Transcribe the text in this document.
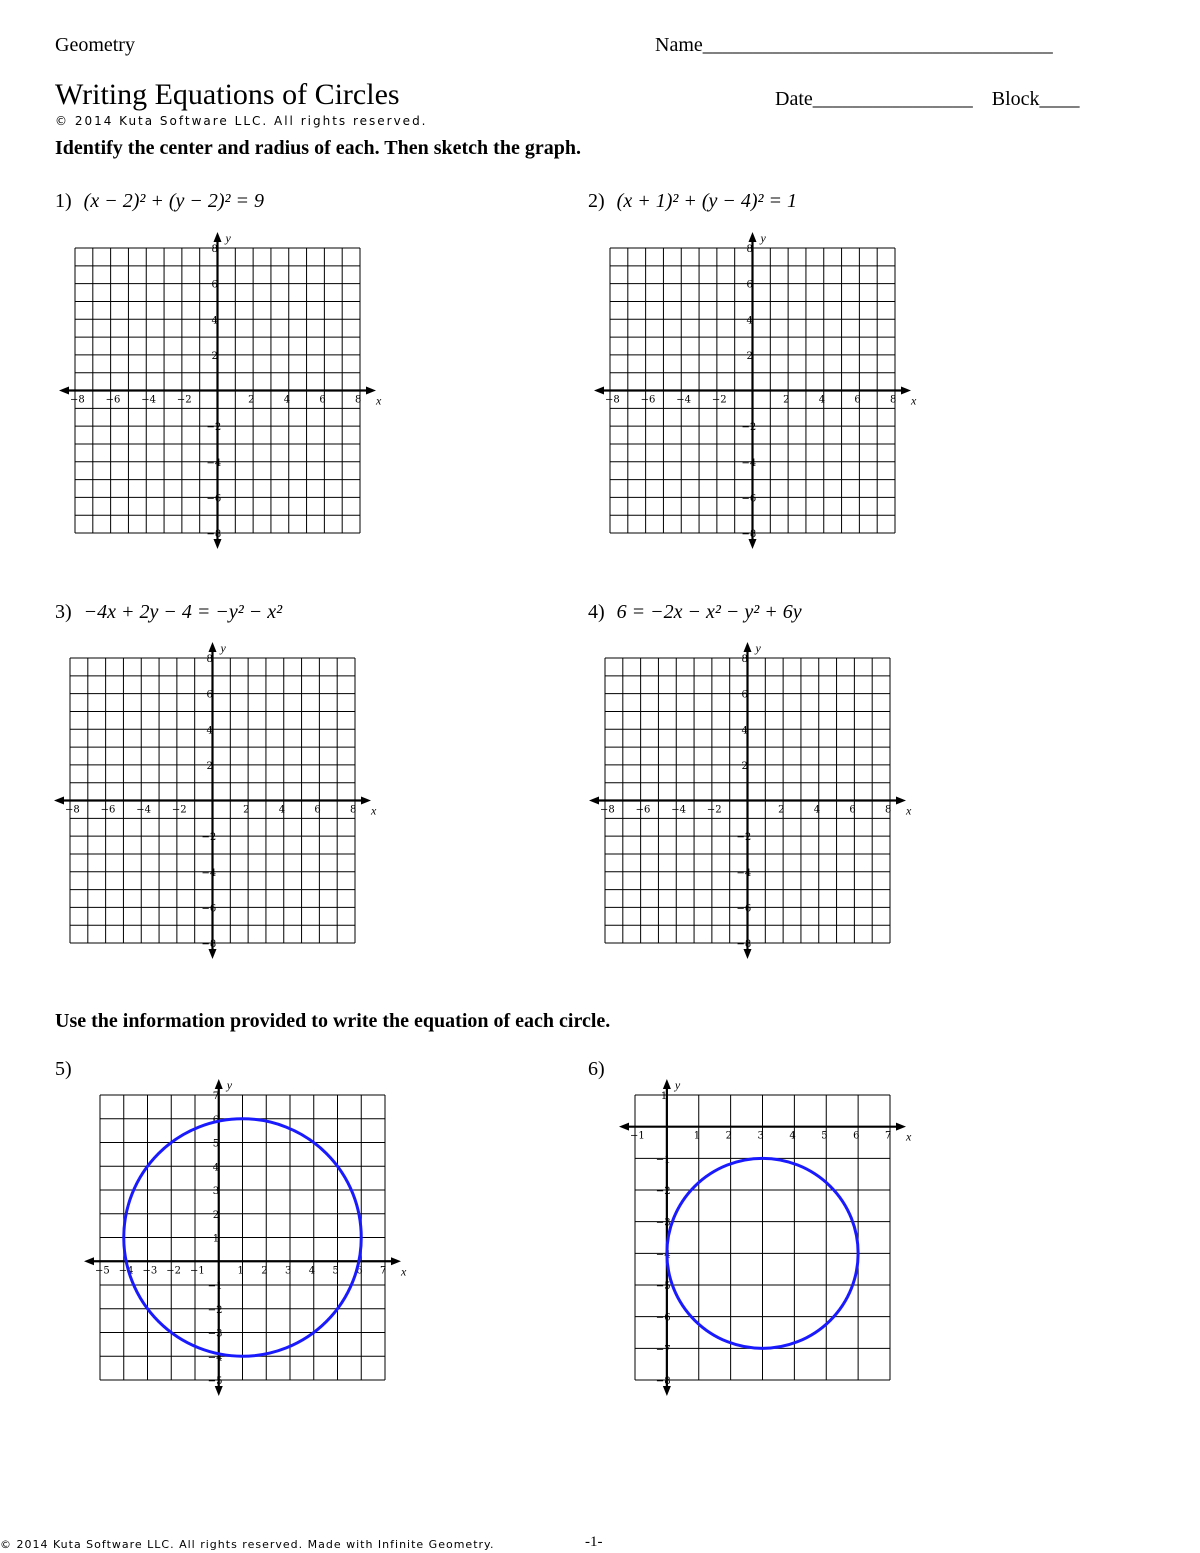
Geometry	Name___________________________________
Writing Equations of Circles
© 2014 Kuta Software LLC. All rights reserved.
Date________________ Block____
Identify the center and radius of each. Then sketch the graph.
Use the information provided to write the equation of each circle.
1) (x − 2)² + (y − 2)² = 9	2) (x + 1)² + (y − 4)² = 1
3) −4x + 2y − 4 = −y² − x²	4) 6 = −2x − x² − y² + 6y
5)	6)
x
y
−8 −6 −4 −2	2	4	6	8
8
6
4
2
−2
−4
−6
−8
x
y
−8 −6 −4 −2	2	4	6	8
8
6
4
2
−2
−4
−6
−8
x
y
−8 −6 −4 −2	2	4	6	8
8
6
4
2
−2
−4
−6
−8
x
y
−8 −6 −4 −2	2	4	6	8
8
6
4
2
−2
−4
−6
−8
x
y
−5 −4 −3 −2 −1	1 2 3 4 5 6 7
7
6
5
4
3
2
1
−1
−2
−3
−4
−5
x
y
−1	1	2	3	4	5	6	7
1
−1
−2
−3
−4
−5
−6
−7
−8
© 2014 Kuta Software LLC. All rights reserved. Made with Infinite Geometry.	-1-
